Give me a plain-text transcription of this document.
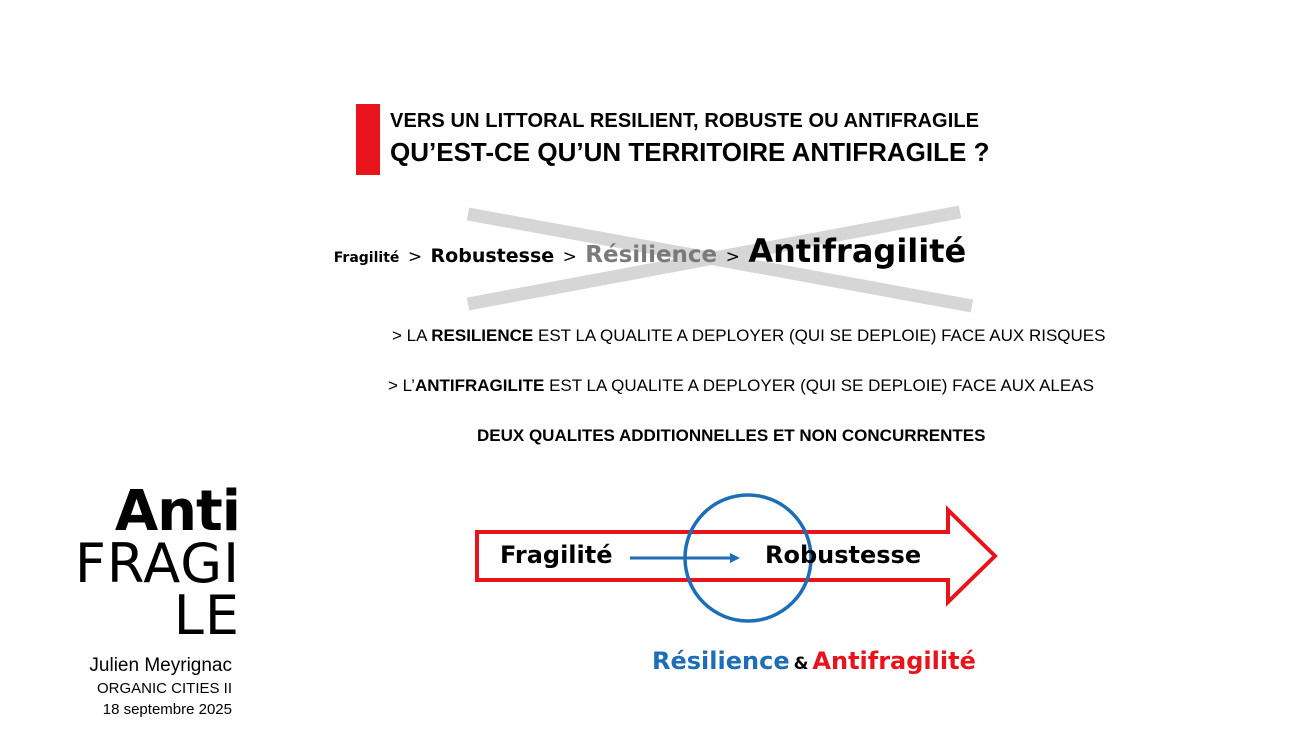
VERS UN LITTORAL RESILIENT, ROBUSTE OU ANTIFRAGILE
QU’EST-CE QU’UN TERRITOIRE ANTIFRAGILE ?
Fragilité > Robustesse > Résilience > Antifragilité
> LA RESILIENCE EST LA QUALITE A DEPLOYER (QUI SE DEPLOIE) FACE AUX RISQUES
> L’ANTIFRAGILITE EST LA QUALITE A DEPLOYER (QUI SE DEPLOIE) FACE AUX ALEAS
DEUX QUALITES ADDITIONNELLES ET NON CONCURRENTES
Fragilité	Robustesse
Résilience & Antifragilité
Anti
FRAGI
LE
Julien Meyrignac
ORGANIC CITIES II
18 septembre 2025
